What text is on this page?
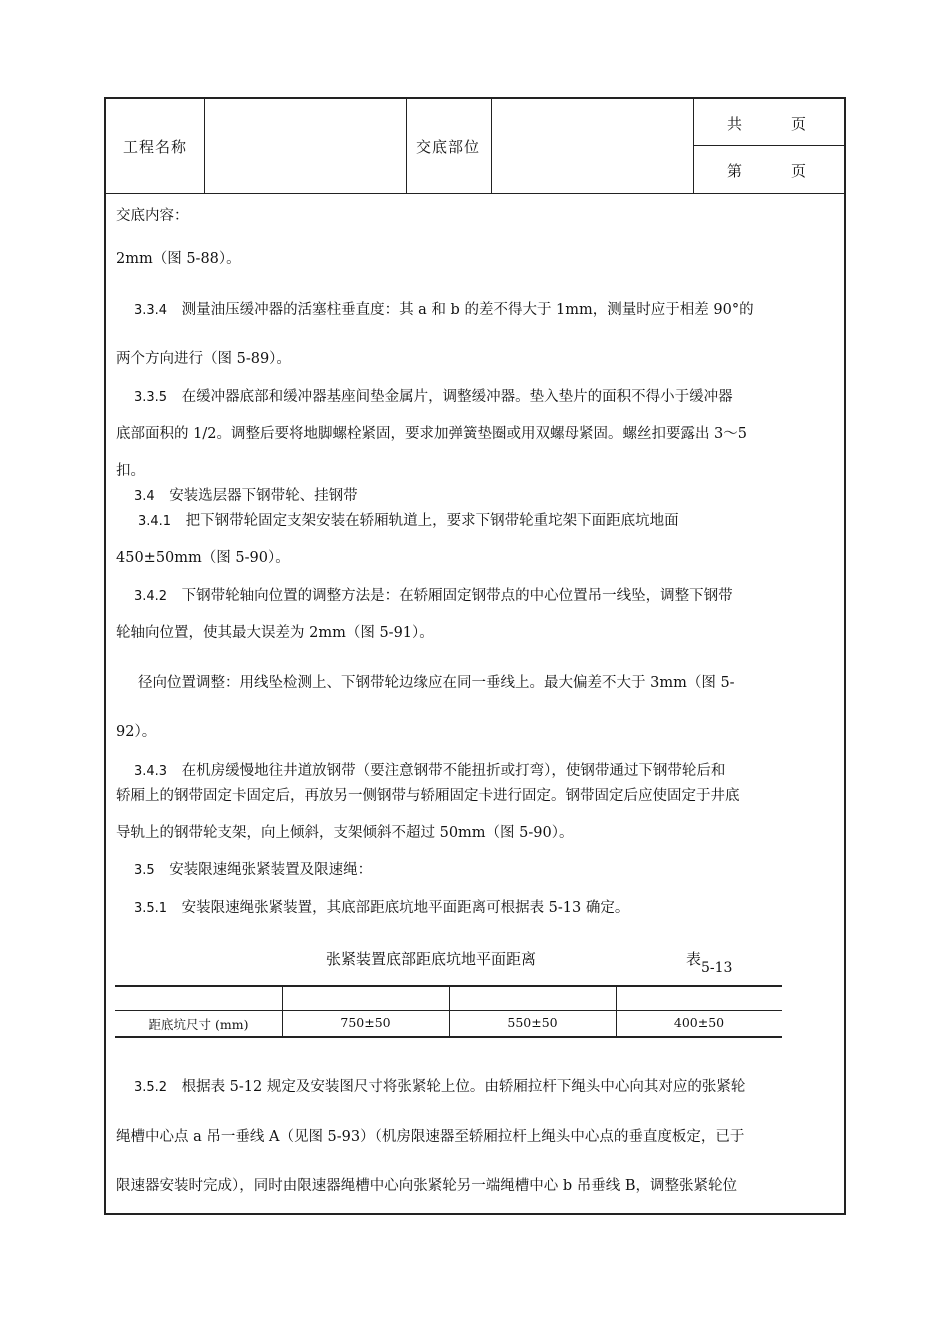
工程名称	交底部位
共　　　页
第　　　页
交底内容：
2mm（图 5-88）。
3.3.4　 测量油压缓冲器的活塞柱垂直度：其 a 和 b 的差不得大于 1mm，测量时应于相差 90°的
两个方向进行（图 5-89）。
3.3.5　 在缓冲器底部和缓冲器基座间垫金属片，调整缓冲器。垫入垫片的面积不得小于缓冲器
底部面积的 1/2。调整后要将地脚螺栓紧固，要求加弹簧垫圈或用双螺母紧固。螺丝扣要露出 3～5
扣。
3.4　 安装选层器下钢带轮、挂钢带
3.4.1　 把下钢带轮固定支架安装在轿厢轨道上，要求下钢带轮重坨架下面距底坑地面
450±50mm（图 5-90）。
3.4.2　 下钢带轮轴向位置的调整方法是：在轿厢固定钢带点的中心位置吊一线坠，调整下钢带
轮轴向位置，使其最大误差为 2mm（图 5-91）。
径向位置调整：用线坠检测上、下钢带轮边缘应在同一垂线上。最大偏差不大于 3mm（图 5-
92）。
3.4.3　 在机房缓慢地往井道放钢带（要注意钢带不能扭折或打弯），使钢带通过下钢带轮后和
轿厢上的钢带固定卡固定后，再放另一侧钢带与轿厢固定卡进行固定。钢带固定后应使固定于井底
导轨上的钢带轮支架，向上倾斜，支架倾斜不超过 50mm（图 5-90）。
3.5　 安装限速绳张紧装置及限速绳：
3.5.1　 安装限速绳张紧装置，其底部距底坑地平面距离可根据表 5-13 确定。
张紧装置底部距底坑地平面距离	表5-13
距底坑尺寸 (mm)	750±50	550±50	400±50
3.5.2　 根据表 5-12 规定及安装图尺寸将张紧轮上位。由轿厢拉杆下绳头中心向其对应的张紧轮
绳槽中心点 a 吊一垂线 A（见图 5-93）（机房限速器至轿厢拉杆上绳头中心点的垂直度板定，已于
限速器安装时完成），同时由限速器绳槽中心向张紧轮另一端绳槽中心 b 吊垂线 B，调整张紧轮位
